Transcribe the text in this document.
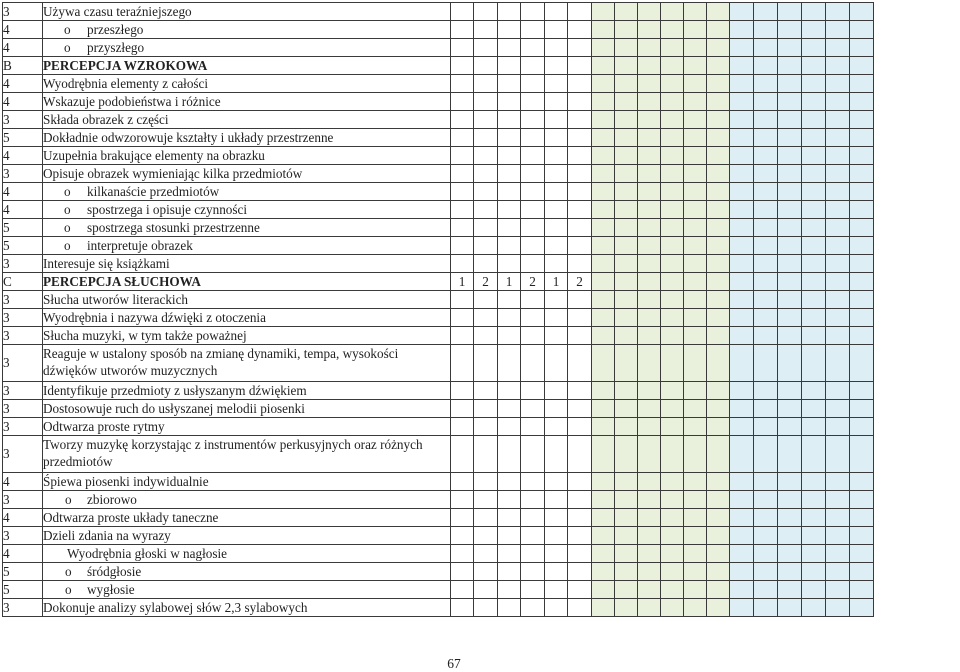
3	Używa czasu teraźniejszego																		
4	o przeszłego																		
4	o przyszłego																		
B	PERCEPCJA WZROKOWA																		
4	Wyodrębnia elementy z całości																		
4	Wskazuje podobieństwa i różnice																		
3	Składa obrazek z części																		
5	Dokładnie odwzorowuje kształty i układy przestrzenne																		
4	Uzupełnia brakujące elementy na obrazku																		
3	Opisuje obrazek wymieniając kilka przedmiotów																		
4	o kilkanaście przedmiotów																		
4	o spostrzega i opisuje czynności																		
5	o spostrzega stosunki przestrzenne																		
5	o interpretuje obrazek																		
3	Interesuje się książkami																		
C	PERCEPCJA SŁUCHOWA	1	2	1	2	1	2												
3	Słucha utworów literackich																		
3	Wyodrębnia i nazywa dźwięki z otoczenia																		
3	Słucha muzyki, w tym także poważnej																		
3	Reaguje w ustalony sposób na zmianę dynamiki, tempa, wysokości dźwięków utworów muzycznych																		
3	Identyfikuje przedmioty z usłyszanym dźwiękiem																		
3	Dostosowuje ruch do usłyszanej melodii piosenki																		
3	Odtwarza proste rytmy																		
3	Tworzy muzykę korzystając z instrumentów perkusyjnych oraz różnych przedmiotów																		
4	Śpiewa piosenki indywidualnie																		
3	o zbiorowo																		
4	Odtwarza proste układy taneczne																		
3	Dzieli zdania na wyrazy																		
4	Wyodrębnia głoski w nagłosie																		
5	o śródgłosie																		
5	o wygłosie																		
3	Dokonuje analizy sylabowej słów 2,3 sylabowych																		
67
